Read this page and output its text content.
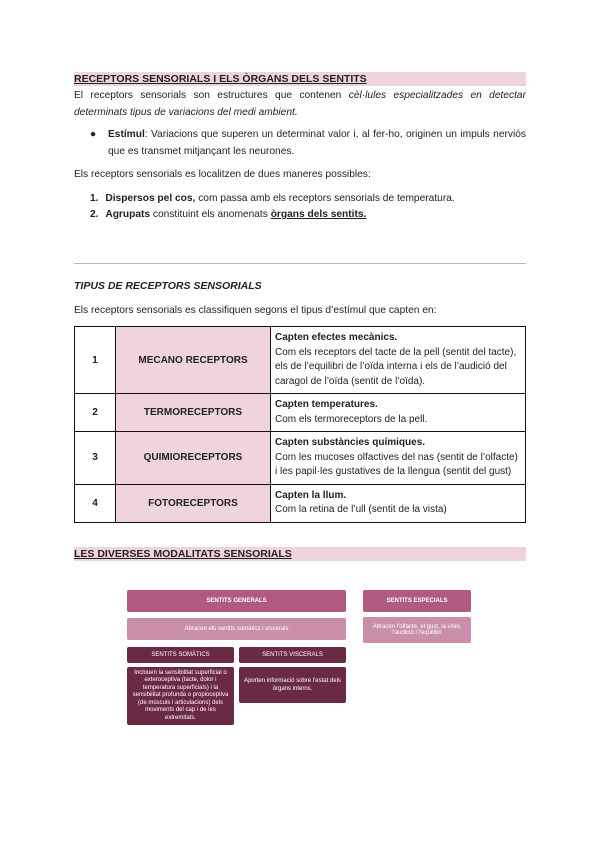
RECEPTORS SENSORIALS I ELS ÒRGANS DELS SENTITS
El receptors sensorials son estructures que contenen cèl·lules especialitzades en detectar determinats tipus de variacions del medi ambient.
● Estímul: Variacions que superen un determinat valor i, al fer-ho, originen un impuls nerviós que es transmet mitjançant les neurones.
Els receptors sensorials es localitzen de dues maneres possibles:
1. Dispersos pel cos, com passa amb els receptors sensorials de temperatura.
2. Agrupats constituint els anomenats òrgans dels sentits.
TIPUS DE RECEPTORS SENSORIALS
Els receptors sensorials es classifiquen segons el tipus d’estímul que capten en:
1	MECANO RECEPTORS	Capten efectes mecànics.
Com els receptors del tacte de la pell (sentit del tacte), els de l’equilibri de l’oïda interna i els de l’audició del caragol de l’oïda (sentit de l’oïda).

2	TERMORECEPTORS	Capten temperatures.
Com els termoreceptors de la pell.

3	QUIMIORECEPTORS	Capten substàncies químiques.
Com les mucoses olfactives del nas (sentit de l’olfacte) i les papil·les gustatives de la llengua (sentit del gust)

4	FOTORECEPTORS	Capten la llum.
Com la retina de l’ull (sentit de la vista)
LES DIVERSES MODALITATS SENSORIALS
SENTITS GENERALS	SENTITS ESPECIALS
Abracen els sentits somàtics i viscerals	Abracen l'olfacte, el gust, la visió, l'audició i l'equilibri
SENTITS SOMÀTICS	SENTITS VISCERALS
Inclouen la sensibilitat superficial o exteroceptiva (tacte, dolor i temperatura superficials) i la sensibilitat profunda o propioceptiva (de músculs i articulacions) dels moviments del cap i de les extremitats.
Aporten informació sobre l'estat dels òrgans interns.
